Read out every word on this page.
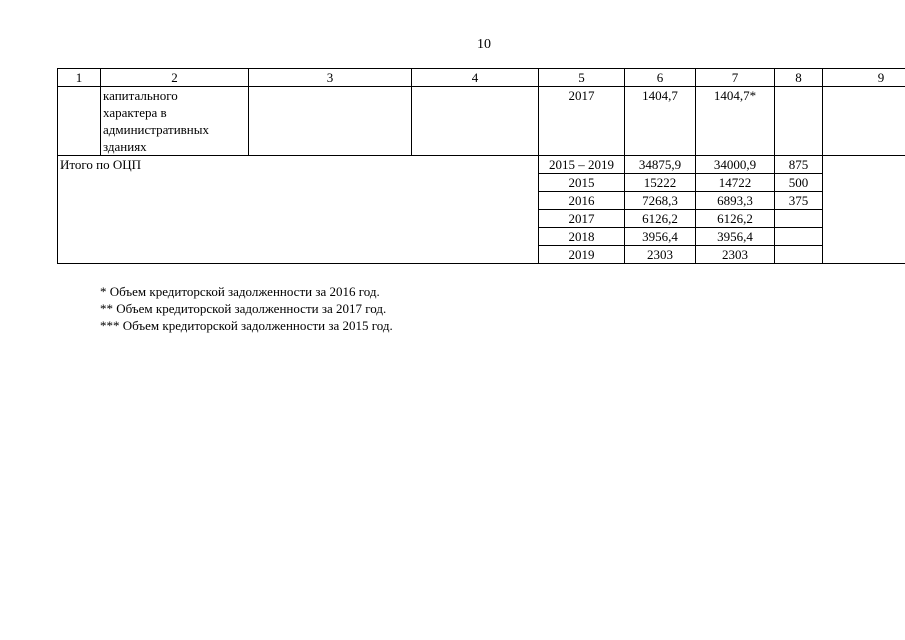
10
1	2	3	4	5	6	7	8	9

	капитального
характера в
административных
зданиях			2017	1404,7	1404,7*		
Итого по ОЦП				2015 – 2019	34875,9	34000,9	875	
				2015	15222	14722	500	
				2016	7268,3	6893,3	375	
				2017	6126,2	6126,2		
				2018	3956,4	3956,4		
				2019	2303	2303		
* Объем кредиторской задолженности за 2016 год.
** Объем кредиторской задолженности за 2017 год.
*** Объем кредиторской задолженности за 2015 год.
